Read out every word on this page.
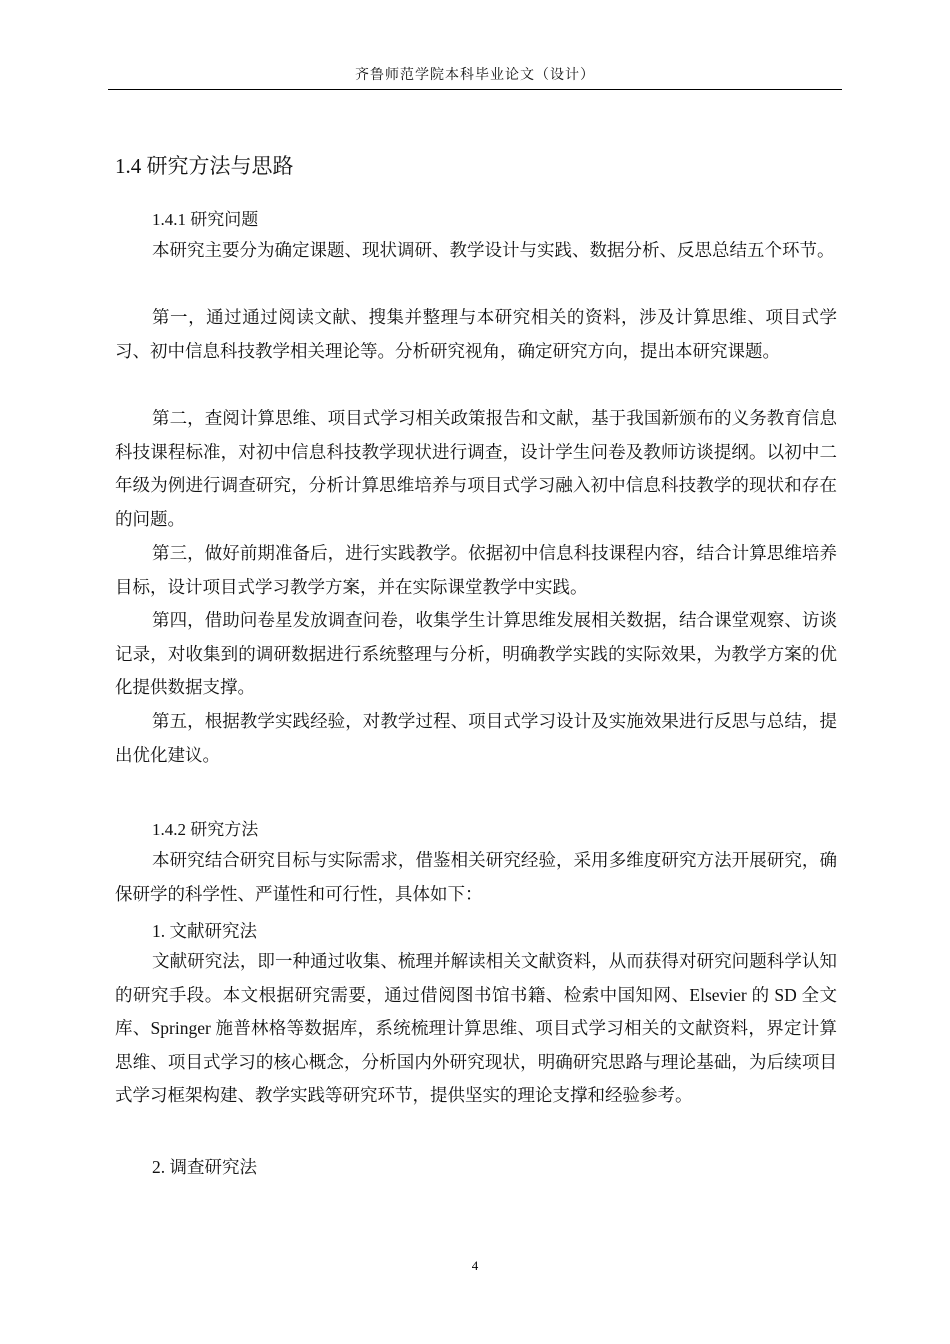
齐鲁师范学院本科毕业论文（设计）
1.4 研究方法与思路
1.4.1 研究问题

本研究主要分为确定课题、现状调研、教学设计与实践、数据分析、反思总结五个环节。

第一，通过通过阅读文献、搜集并整理与本研究相关的资料，涉及计算思维、项目式学习、初中信息科技教学相关理论等。分析研究视角，确定研究方向，提出本研究课题。

第二，查阅计算思维、项目式学习相关政策报告和文献，基于我国新颁布的义务教育信息科技课程标准，对初中信息科技教学现状进行调查，设计学生问卷及教师访谈提纲。以初中二年级为例进行调查研究，分析计算思维培养与项目式学习融入初中信息科技教学的现状和存在的问题。

第三，做好前期准备后，进行实践教学。依据初中信息科技课程内容，结合计算思维培养目标，设计项目式学习教学方案，并在实际课堂教学中实践。

第四，借助问卷星发放调查问卷，收集学生计算思维发展相关数据，结合课堂观察、访谈记录，对收集到的调研数据进行系统整理与分析，明确教学实践的实际效果，为教学方案的优化提供数据支撑。

第五，根据教学实践经验，对教学过程、项目式学习设计及实施效果进行反思与总结，提出优化建议。

1.4.2 研究方法

本研究结合研究目标与实际需求，借鉴相关研究经验，采用多维度研究方法开展研究，确保研学的科学性、严谨性和可行性，具体如下：

1. 文献研究法

文献研究法，即一种通过收集、梳理并解读相关文献资料，从而获得对研究问题科学认知的研究手段。本文根据研究需要，通过借阅图书馆书籍、检索中国知网、Elsevier 的 SD 全文库、Springer 施普林格等数据库，系统梳理计算思维、项目式学习相关的文献资料，界定计算思维、项目式学习的核心概念，分析国内外研究现状，明确研究思路与理论基础，为后续项目式学习框架构建、教学实践等研究环节，提供坚实的理论支撑和经验参考。

2. 调查研究法
4
